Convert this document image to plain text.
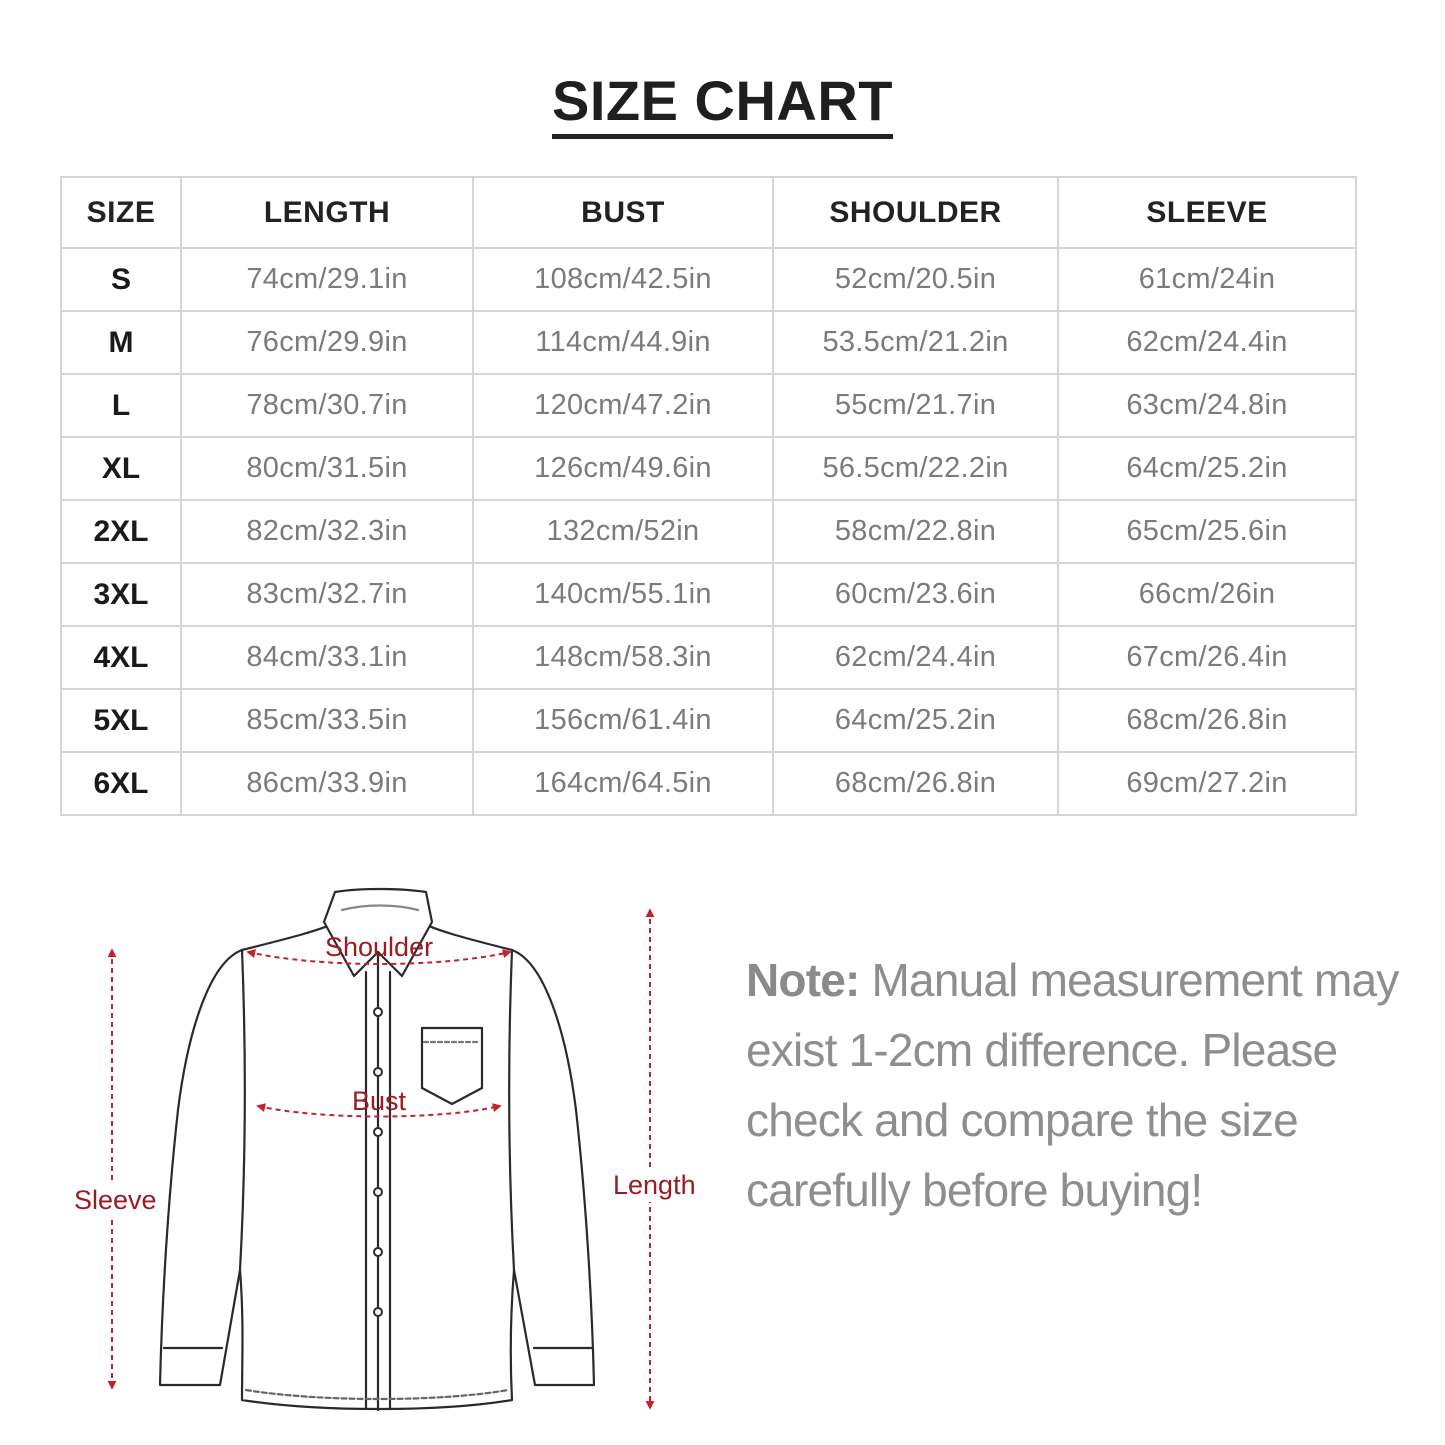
SIZE CHART
SIZE	LENGTH	BUST	SHOULDER	SLEEVE
S	74cm/29.1in	108cm/42.5in	52cm/20.5in	61cm/24in
M	76cm/29.9in	114cm/44.9in	53.5cm/21.2in	62cm/24.4in
L	78cm/30.7in	120cm/47.2in	55cm/21.7in	63cm/24.8in
XL	80cm/31.5in	126cm/49.6in	56.5cm/22.2in	64cm/25.2in
2XL	82cm/32.3in	132cm/52in	58cm/22.8in	65cm/25.6in
3XL	83cm/32.7in	140cm/55.1in	60cm/23.6in	66cm/26in
4XL	84cm/33.1in	148cm/58.3in	62cm/24.4in	67cm/26.4in
5XL	85cm/33.5in	156cm/61.4in	64cm/25.2in	68cm/26.8in
6XL	86cm/33.9in	164cm/64.5in	68cm/26.8in	69cm/27.2in
Shoulder
Bust
Sleeve	Length
Note: Manual measurement may exist 1-2cm difference. Please check and compare the size carefully before buying!
